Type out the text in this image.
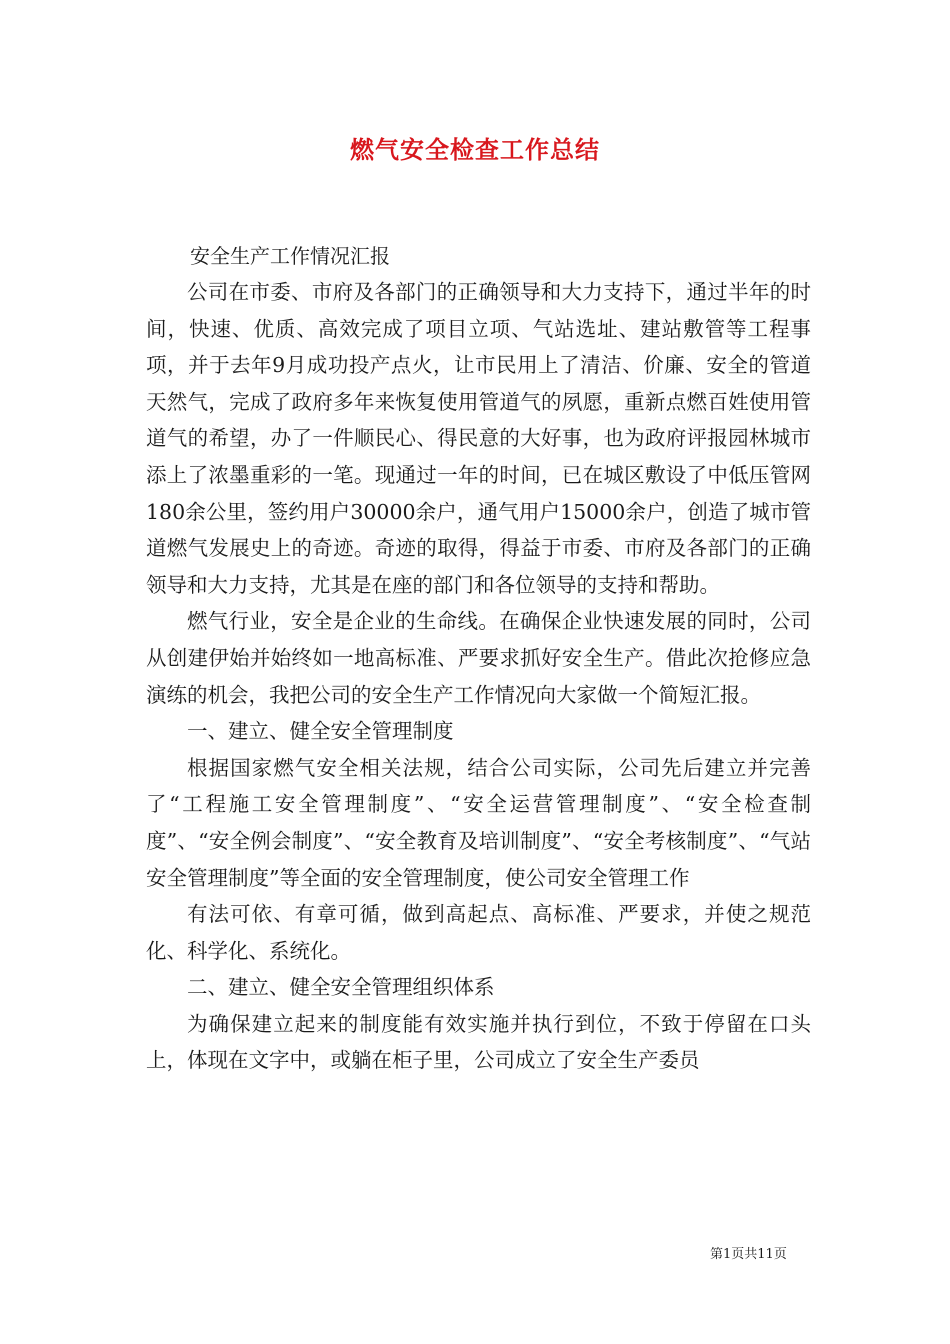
燃气安全检查工作总结
安全生产工作情况汇报

公司在市委、市府及各部门的正确领导和大力支持下，通过半年的时间，快速、优质、高效完成了项目立项、气站选址、建站敷管等工程事项，并于去年9月成功投产点火，让市民用上了清洁、价廉、安全的管道天然气，完成了政府多年来恢复使用管道气的夙愿，重新点燃百姓使用管道气的希望，办了一件顺民心、得民意的大好事，也为政府评报园林城市添上了浓墨重彩的一笔。现通过一年的时间，已在城区敷设了中低压管网180余公里，签约用户30000余户，通气用户15000余户，创造了城市管道燃气发展史上的奇迹。奇迹的取得，得益于市委、市府及各部门的正确领导和大力支持，尤其是在座的部门和各位领导的支持和帮助。

燃气行业，安全是企业的生命线。在确保企业快速发展的同时，公司从创建伊始并始终如一地高标准、严要求抓好安全生产。借此次抢修应急演练的机会，我把公司的安全生产工作情况向大家做一个简短汇报。

一、建立、健全安全管理制度

根据国家燃气安全相关法规，结合公司实际，公司先后建立并完善了“工程施工安全管理制度”、“安全运营管理制度”、“安全检查制度”、“安全例会制度”、“安全教育及培训制度”、“安全考核制度”、“气站安全管理制度”等全面的安全管理制度，使公司安全管理工作

有法可依、有章可循，做到高起点、高标准、严要求，并使之规范化、科学化、系统化。

二、建立、健全安全管理组织体系

为确保建立起来的制度能有效实施并执行到位，不致于停留在口头上，体现在文字中，或躺在柜子里，公司成立了安全生产委员

第1页共11页
